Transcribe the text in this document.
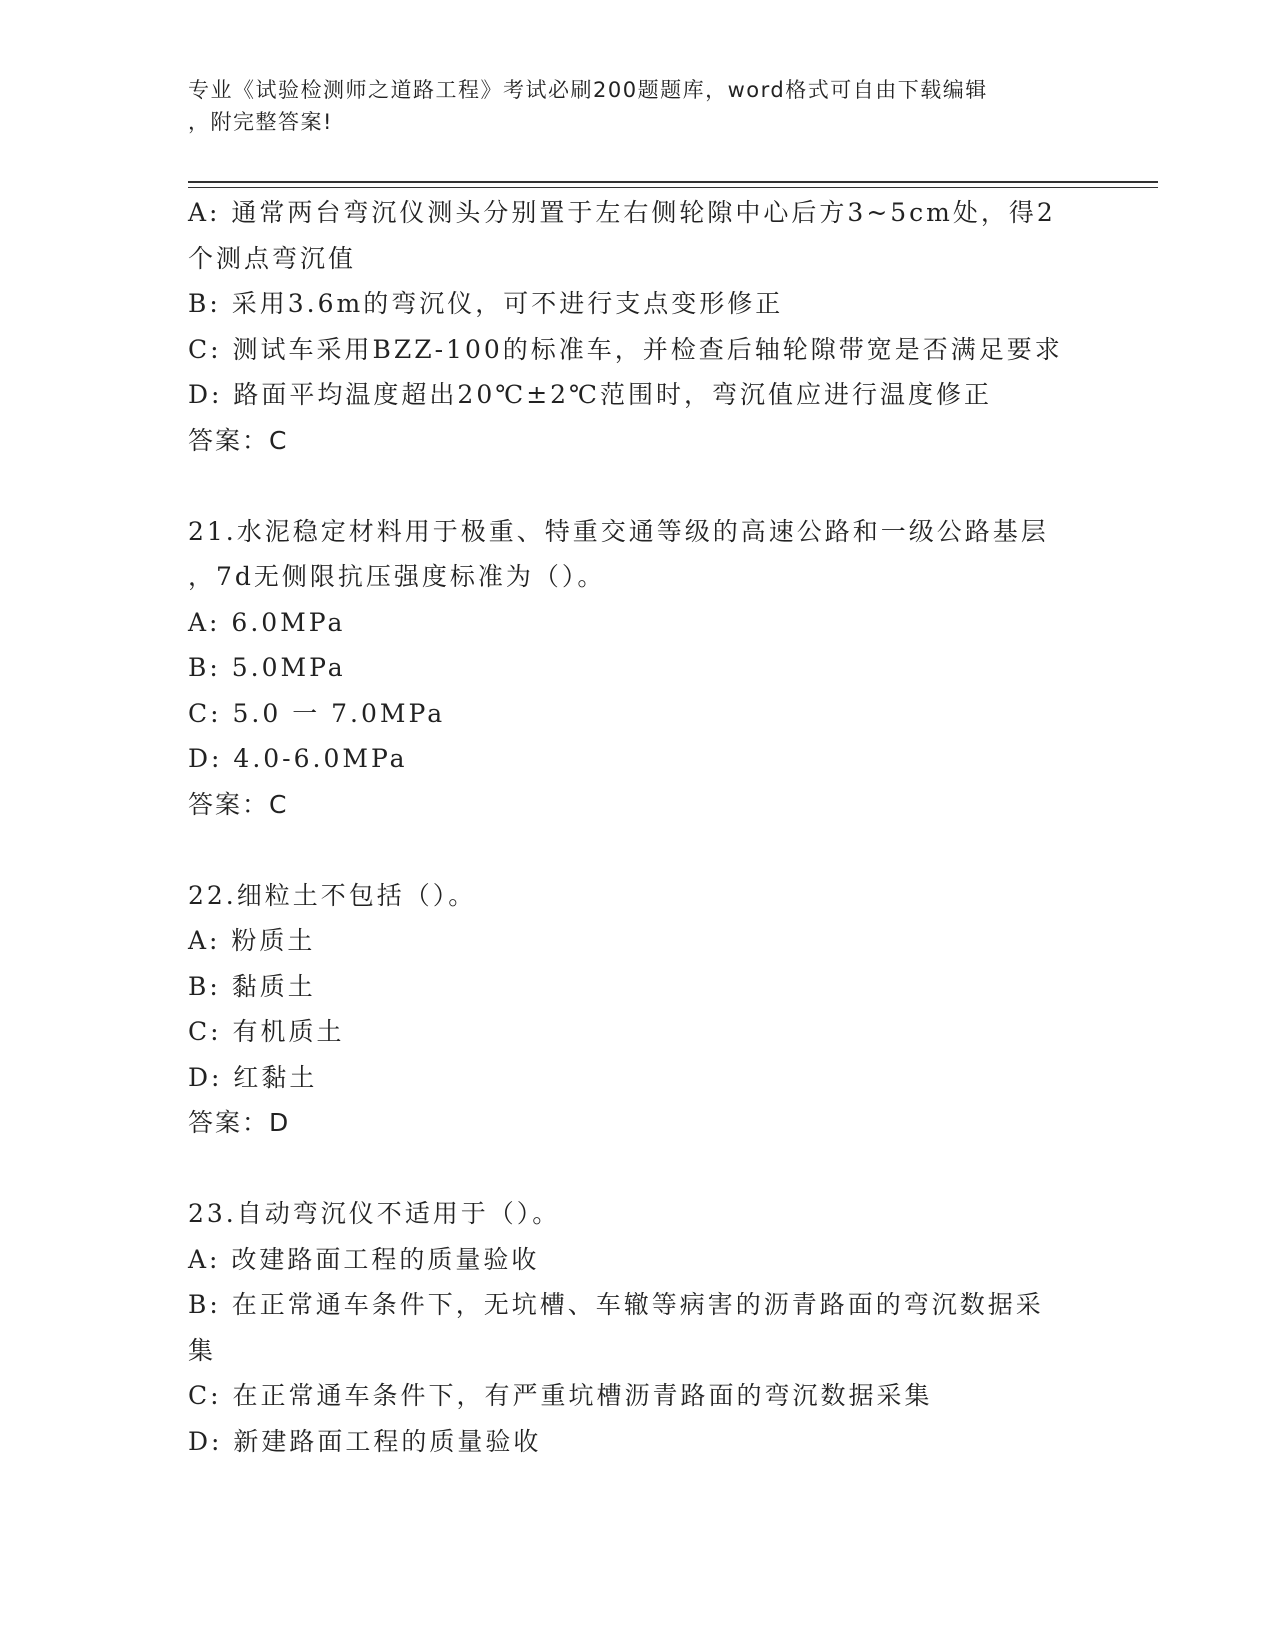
专业《试验检测师之道路工程》考试必刷200题题库，word格式可自由下载编辑
，附完整答案!
A: 通常两台弯沉仪测头分别置于左右侧轮隙中心后方3~5cm处，得2
个测点弯沉值
B: 采用3.6m的弯沉仪，可不进行支点变形修正
C: 测试车采用BZZ-100的标准车，并检查后轴轮隙带宽是否满足要求
D: 路面平均温度超出20℃±2℃范围时，弯沉值应进行温度修正
答案：C
21.水泥稳定材料用于极重、特重交通等级的高速公路和一级公路基层
，7d无侧限抗压强度标准为（）。
A: 6.0MPa
B: 5.0MPa
C: 5.0 一 7.0MPa
D: 4.0-6.0MPa
答案：C
22.细粒土不包括（）。
A: 粉质土
B: 黏质土
C: 有机质土
D: 红黏土
答案：D
23.自动弯沉仪不适用于（）。
A: 改建路面工程的质量验收
B: 在正常通车条件下，无坑槽、车辙等病害的沥青路面的弯沉数据采
集
C: 在正常通车条件下，有严重坑槽沥青路面的弯沉数据采集
D: 新建路面工程的质量验收
